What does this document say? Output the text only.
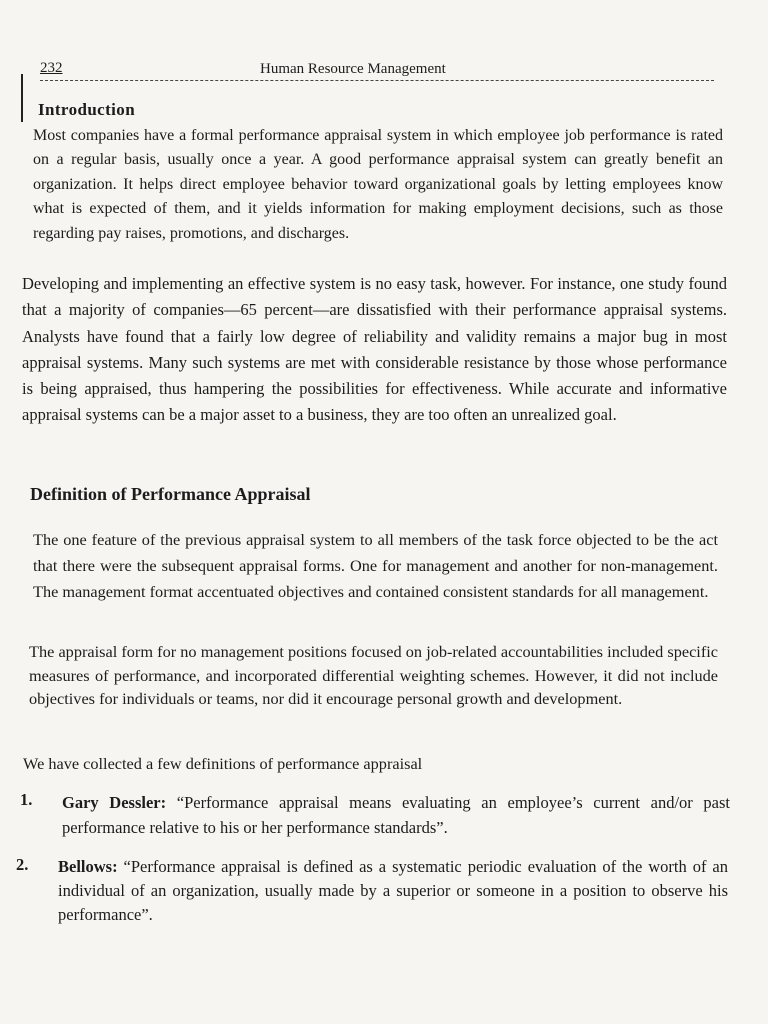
232	Human Resource Management
Introduction

Most companies have a formal performance appraisal system in which employee job performance is rated on a regular basis, usually once a year. A good performance appraisal system can greatly benefit an organization. It helps direct employee behavior toward organizational goals by letting employees know what is expected of them, and it yields information for making employment decisions, such as those regarding pay raises, promotions, and discharges.

Developing and implementing an effective system is no easy task, however. For instance, one study found that a majority of companies—65 percent—are dissatisfied with their performance appraisal systems. Analysts have found that a fairly low degree of reliability and validity remains a major bug in most appraisal systems. Many such systems are met with considerable resistance by those whose performance is being appraised, thus hampering the possibilities for effectiveness. While accurate and informative appraisal systems can be a major asset to a business, they are too often an unrealized goal.

Definition of Performance Appraisal

The one feature of the previous appraisal system to all members of the task force objected to be the act that there were the subsequent appraisal forms. One for management and another for non-management. The management format accentuated objectives and contained consistent standards for all management.

The appraisal form for no management positions focused on job-related accountabilities included specific measures of performance, and incorporated differential weighting schemes. However, it did not include objectives for individuals or teams, nor did it encourage personal growth and development.

We have collected a few definitions of performance appraisal

1. Gary Dessler: “Performance appraisal means evaluating an employee’s current and/or past performance relative to his or her performance standards”.

2. Bellows: “Performance appraisal is defined as a systematic periodic evaluation of the worth of an individual of an organization, usually made by a superior or someone in a position to observe his performance”.
